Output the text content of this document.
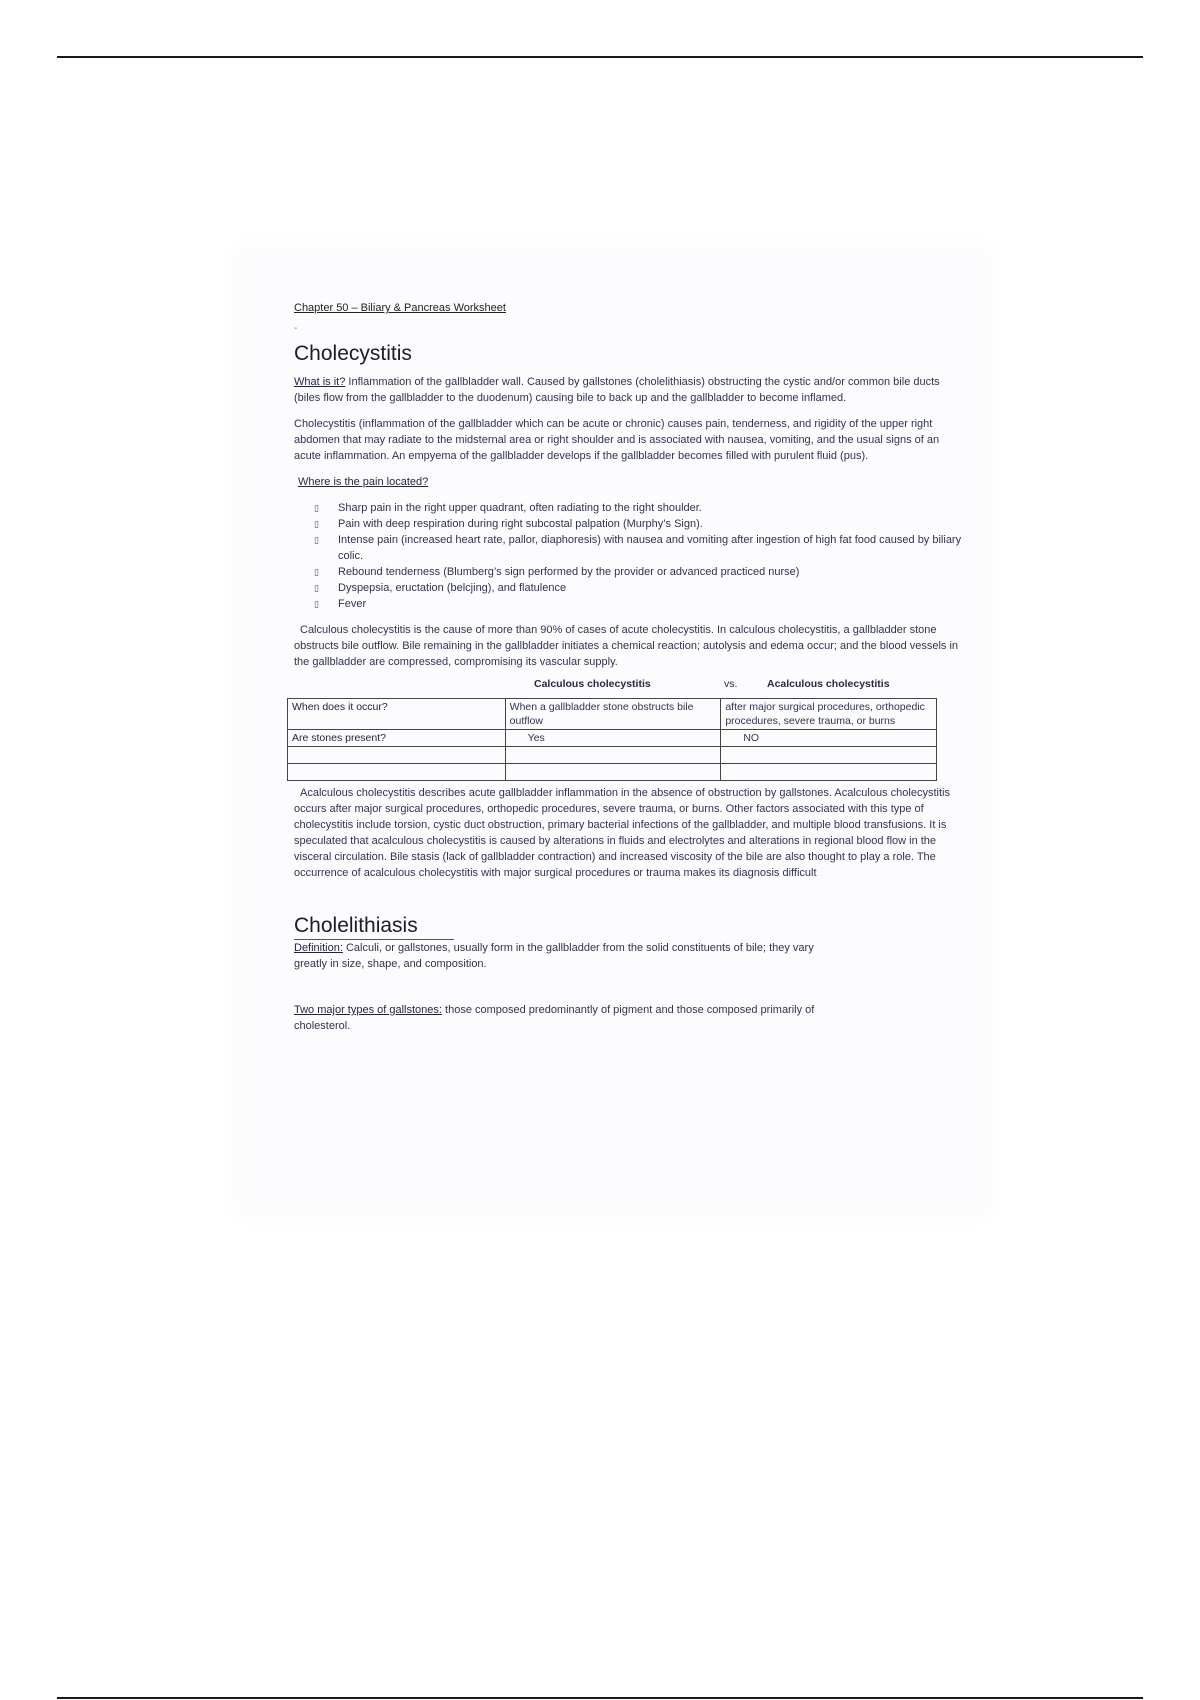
Chapter 50 – Biliary & Pancreas Worksheet

-

Cholecystitis

What is it? Inflammation of the gallbladder wall. Caused by gallstones (cholelithiasis) obstructing the cystic and/or common bile ducts (biles flow from the gallbladder to the duodenum) causing bile to back up and the gallbladder to become inflamed.

Cholecystitis (inflammation of the gallbladder which can be acute or chronic) causes pain, tenderness, and rigidity of the upper right abdomen that may radiate to the midsternal area or right shoulder and is associated with nausea, vomiting, and the usual signs of an acute inflammation. An empyema of the gallbladder develops if the gallbladder becomes filled with purulent fluid (pus).

Where is the pain located?

▯	Sharp pain in the right upper quadrant, often radiating to the right shoulder.
▯	Pain with deep respiration during right subcostal palpation (Murphy’s Sign).
▯	Intense pain (increased heart rate, pallor, diaphoresis) with nausea and vomiting after ingestion of high fat food caused by biliary colic.
▯	Rebound tenderness (Blumberg’s sign performed by the provider or advanced practiced nurse)
▯	Dyspepsia, eructation (belcjing), and flatulence
▯	Fever

Calculous cholecystitis is the cause of more than 90% of cases of acute cholecystitis. In calculous cholecystitis, a gallbladder stone obstructs bile outflow. Bile remaining in the gallbladder initiates a chemical reaction; autolysis and edema occur; and the blood vessels in the gallbladder are compressed, compromising its vascular supply.

Calculous cholecystitis	vs.	Acalculous cholecystitis
When does it occur?	When a gallbladder stone obstructs bile outflow	after major surgical procedures, orthopedic procedures, severe trauma, or burns
Are stones present?	Yes	NO

Acalculous cholecystitis describes acute gallbladder inflammation in the absence of obstruction by gallstones. Acalculous cholecystitis occurs after major surgical procedures, orthopedic procedures, severe trauma, or burns. Other factors associated with this type of cholecystitis include torsion, cystic duct obstruction, primary bacterial infections of the gallbladder, and multiple blood transfusions. It is speculated that acalculous cholecystitis is caused by alterations in fluids and electrolytes and alterations in regional blood flow in the visceral circulation. Bile stasis (lack of gallbladder contraction) and increased viscosity of the bile are also thought to play a role. The occurrence of acalculous cholecystitis with major surgical procedures or trauma makes its diagnosis difficult

Cholelithiasis

Definition: Calculi, or gallstones, usually form in the gallbladder from the solid constituents of bile; they vary greatly in size, shape, and composition.

Two major types of gallstones: those composed predominantly of pigment and those composed primarily of cholesterol.
